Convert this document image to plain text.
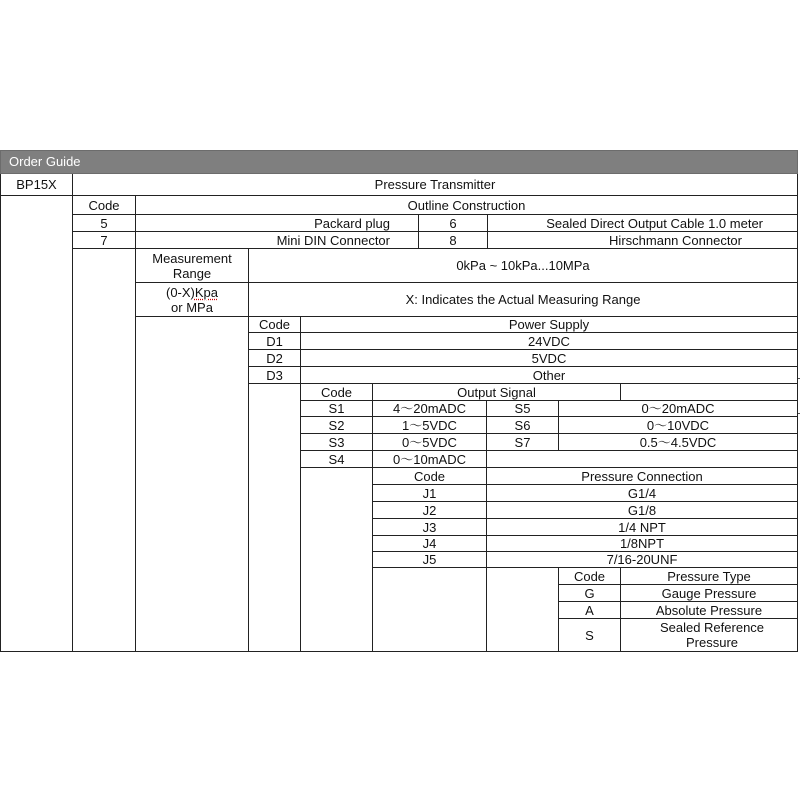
Order Guide
BP15X	Pressure Transmitter
Code	Outline Construction
5	Packard plug	6	Sealed Direct Output Cable 1.0 meter
7	Mini DIN Connector	8	Hirschmann Connector
Measurement Range	0kPa ~ 10kPa...10MPa
(0-X)Kpa
or MPa	X: Indicates the Actual Measuring Range
Code	Power Supply
D1	24VDC
D2	5VDC
D3	Other
Code	Output Signal
S1	4～20mADC	S5	0～20mADC
S2	1～5VDC	S6	0～10VDC
S3	0～5VDC	S7	0.5～4.5VDC
S4	0～10mADC
Code	Pressure Connection
J1	G1/4
J2	G1/8
J3	1/4 NPT
J4	1/8NPT
J5	7/16-20UNF
Code	Pressure Type
G	Gauge Pressure
A	Absolute Pressure
S	Sealed Reference Pressure
